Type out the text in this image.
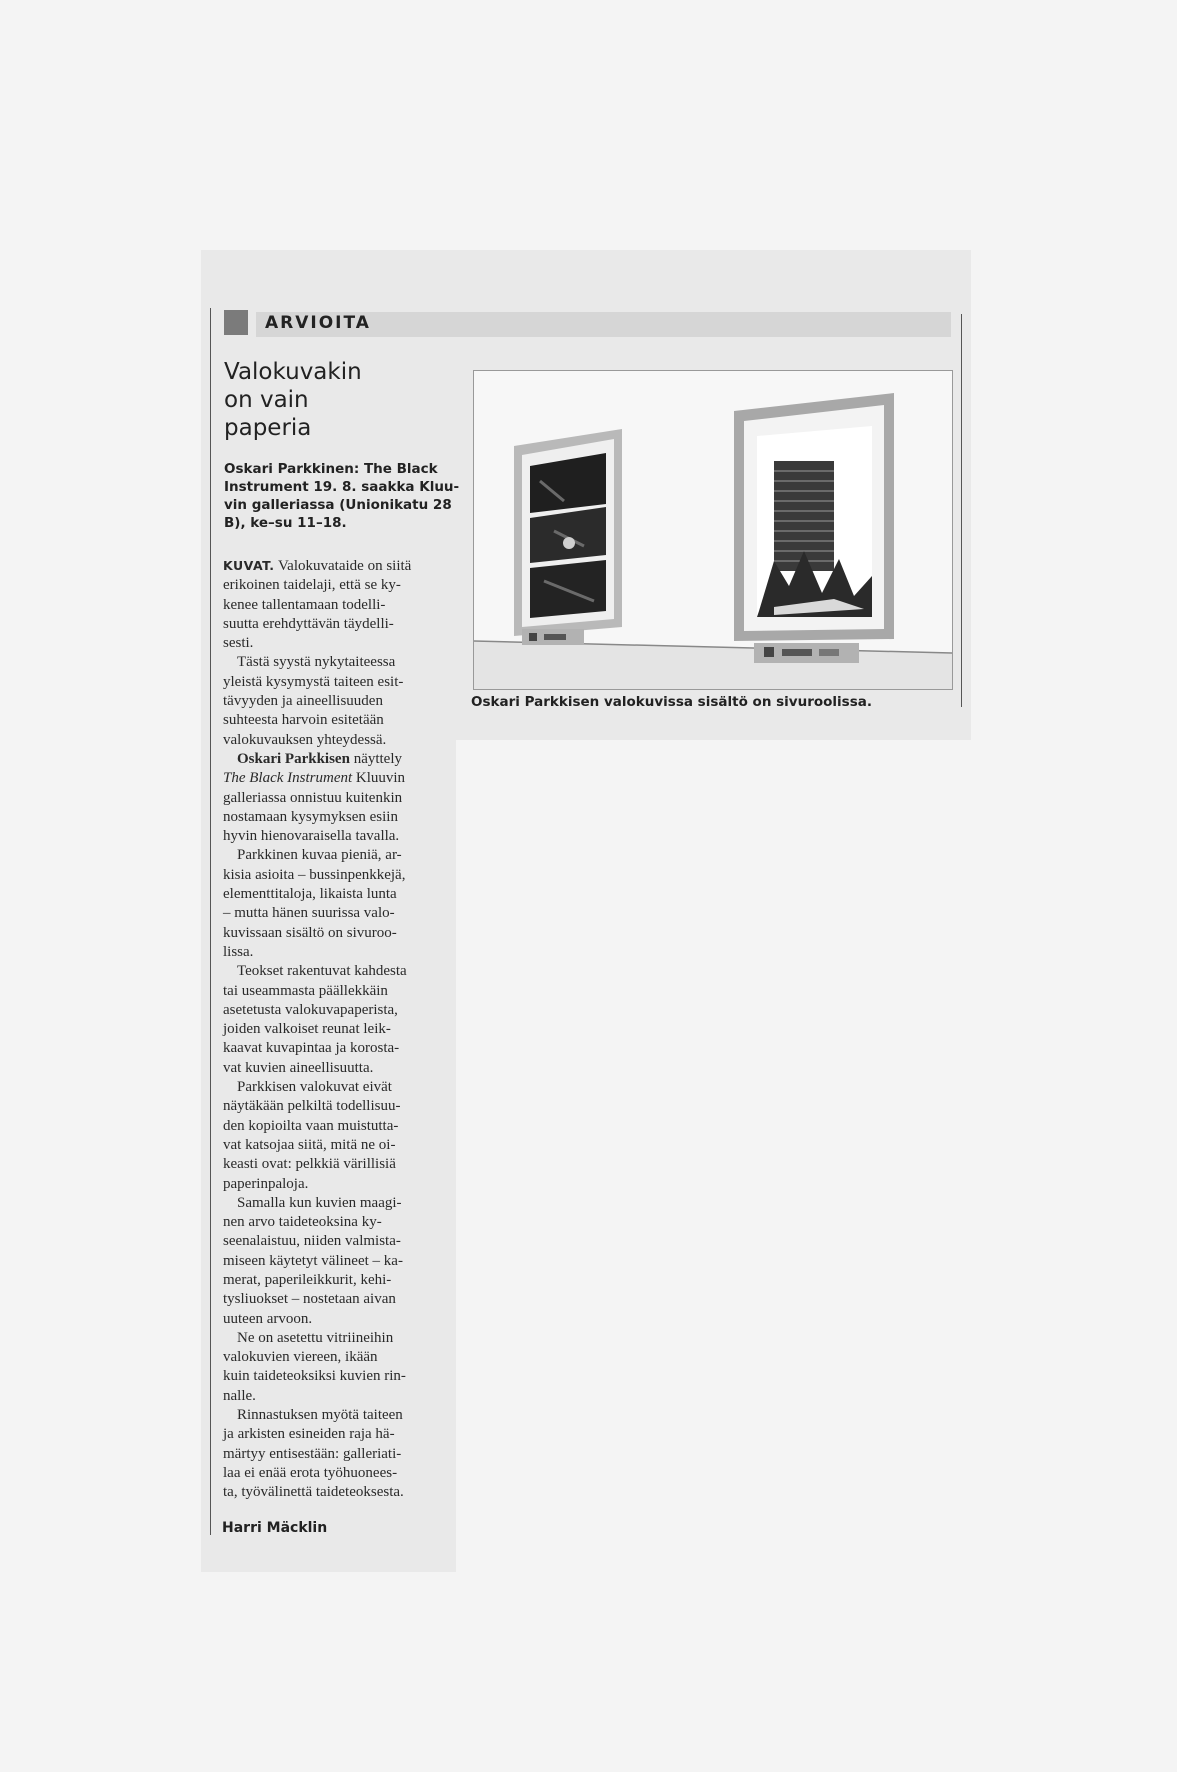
ARVIOITA
Valokuvakin
on vain
paperia
Oskari Parkkinen: The Black
Instrument 19. 8. saakka Kluu-
vin galleriassa (Unionikatu 28
B), ke–su 11–18.
KUVAT. Valokuvataide on siitä
erikoinen taidelaji, että se ky-
kenee tallentamaan todelli-
suutta erehdyttävän täydelli-
sesti.
Tästä syystä nykytaiteessa
yleistä kysymystä taiteen esit-
tävyyden ja aineellisuuden
suhteesta harvoin esitetään
valokuvauksen yhteydessä.
Oskari Parkkisen näyttely
The Black Instrument Kluuvin
galleriassa onnistuu kuitenkin
nostamaan kysymyksen esiin
hyvin hienovaraisella tavalla.
Parkkinen kuvaa pieniä, ar-
kisia asioita – bussinpenkkejä,
elementtitaloja, likaista lunta
– mutta hänen suurissa valo-
kuvissaan sisältö on sivuroo-
lissa.
Teokset rakentuvat kahdesta
tai useammasta päällekkäin
asetetusta valokuvapaperista,
joiden valkoiset reunat leik-
kaavat kuvapintaa ja korosta-
vat kuvien aineellisuutta.
Parkkisen valokuvat eivät
näytäkään pelkiltä todellisuu-
den kopioilta vaan muistutta-
vat katsojaa siitä, mitä ne oi-
keasti ovat: pelkkiä värillisiä
paperinpaloja.
Samalla kun kuvien maagi-
nen arvo taideteoksina ky-
seenalaistuu, niiden valmista-
miseen käytetyt välineet – ka-
merat, paperileikkurit, kehi-
tysliuokset – nostetaan aivan
uuteen arvoon.
Ne on asetettu vitriineihin
valokuvien viereen, ikään
kuin taideteoksiksi kuvien rin-
nalle.
Rinnastuksen myötä taiteen
ja arkisten esineiden raja hä-
märtyy entisestään: galleriati-
laa ei enää erota työhuonees-
ta, työvälinettä taideteoksesta.
Harri Mäcklin
Oskari Parkkisen valokuvissa sisältö on sivuroolissa.
